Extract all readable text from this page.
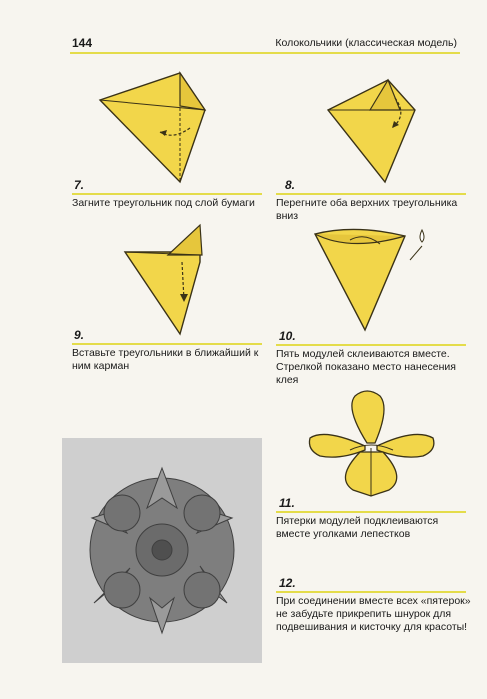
144	Колокольчики (классическая модель)
7.
Загните треугольник под слой бумаги
8.
Перегните оба верхних треугольника вниз
9.
Вставьте треугольники в ближайший к ним карман
10.
Пять модулей склеиваются вместе. Стрелкой показано место нанесения клея
11.
Пятерки модулей подклеиваются вместе уголками лепестков
12.
При соединении вместе всех «пятерок» не забудьте прикрепить шнурок для подвешивания и кисточку для красоты!
